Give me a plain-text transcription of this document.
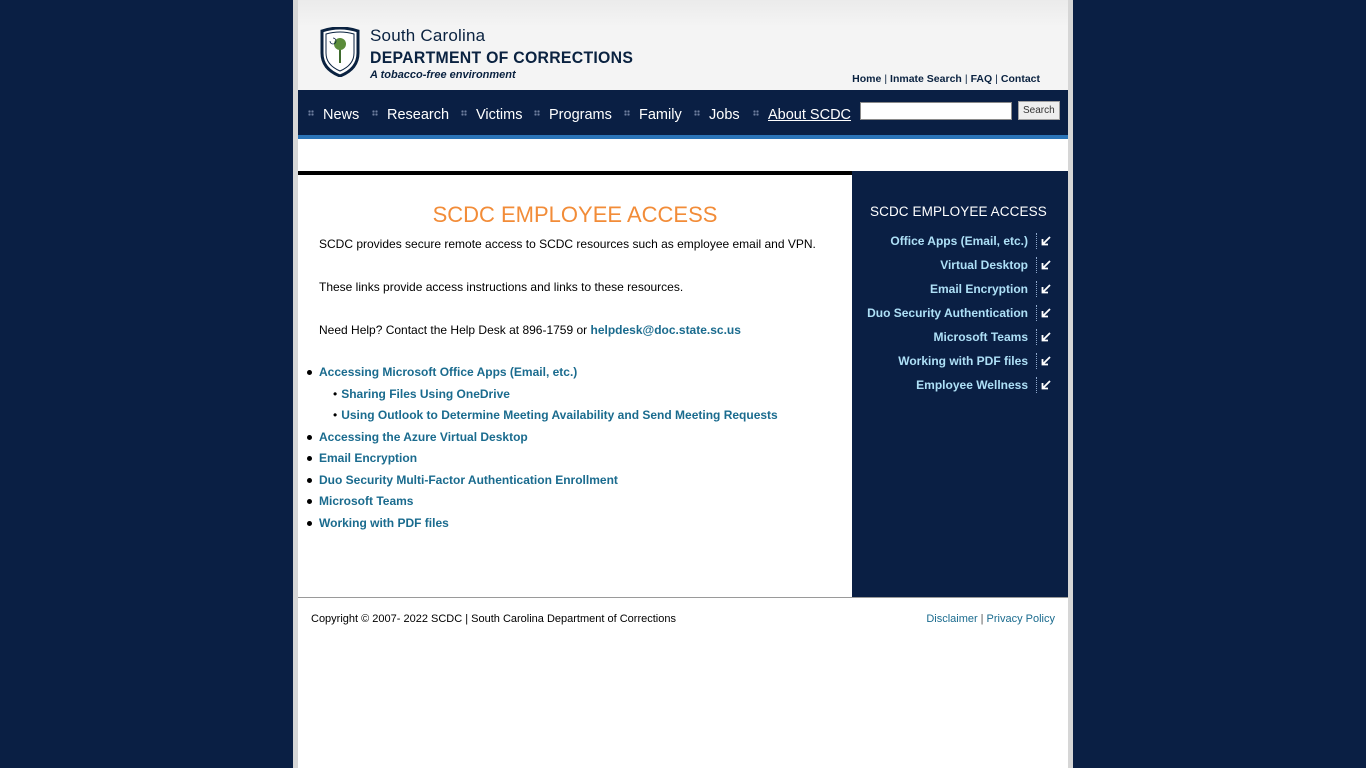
South Carolina
DEPARTMENT OF CORRECTIONS
A tobacco-free environment	Home | Inmate Search | FAQ | Contact
News	Research	Victims	Programs	Family	Jobs	About SCDC	Search
SCDC EMPLOYEE ACCESS
SCDC provides secure remote access to SCDC resources such as employee email and VPN.
These links provide access instructions and links to these resources.
Need Help? Contact the Help Desk at 896-1759 or helpdesk@doc.state.sc.us
Accessing Microsoft Office Apps (Email, etc.)
• Sharing Files Using OneDrive
• Using Outlook to Determine Meeting Availability and Send Meeting Requests
Accessing the Azure Virtual Desktop
Email Encryption
Duo Security Multi-Factor Authentication Enrollment
Microsoft Teams
Working with PDF files
SCDC EMPLOYEE ACCESS
Office Apps (Email, etc.)
Virtual Desktop
Email Encryption
Duo Security Authentication
Microsoft Teams
Working with PDF files
Employee Wellness
Copyright © 2007- 2022 SCDC | South Carolina Department of Corrections	Disclaimer | Privacy Policy
